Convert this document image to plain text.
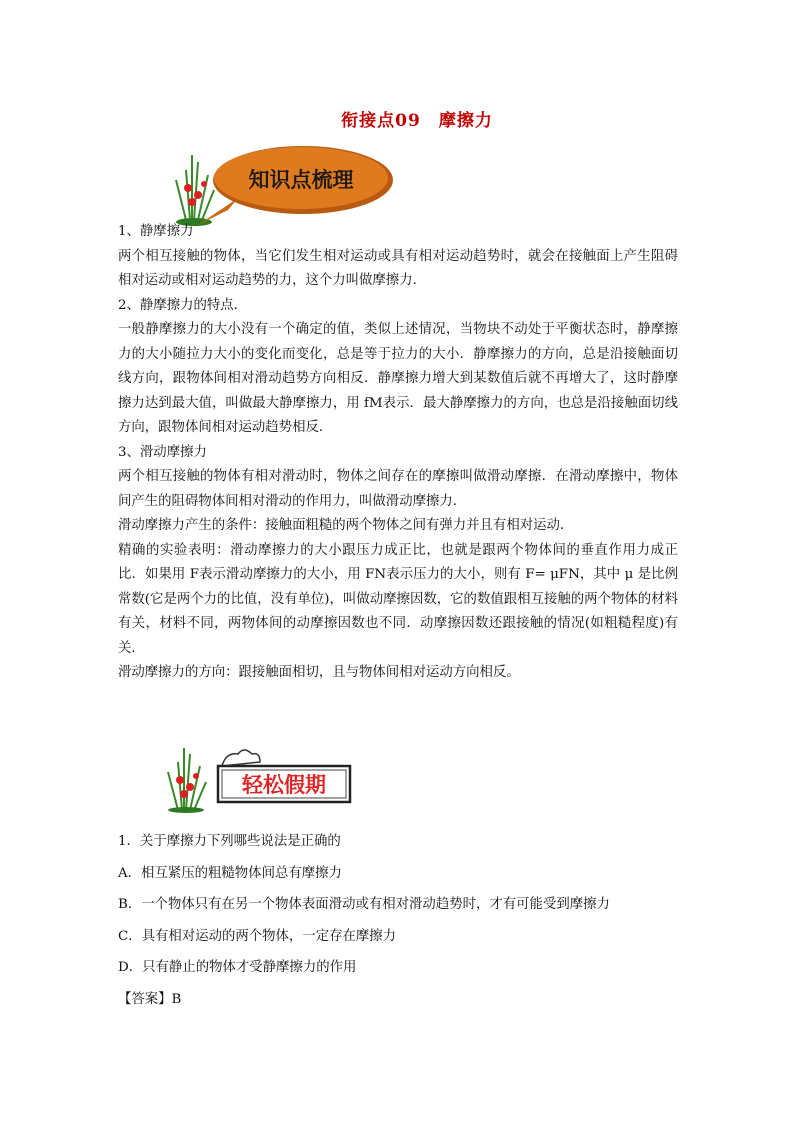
衔接点09　摩擦力
知识点梳理

1、静摩擦力

两个相互接触的物体，当它们发生相对运动或具有相对运动趋势时，就会在接触面上产生阻碍相对运动或相对运动趋势的力，这个力叫做摩擦力．

2、静摩擦力的特点．

一般静摩擦力的大小没有一个确定的值，类似上述情况，当物块不动处于平衡状态时，静摩擦力的大小随拉力大小的变化而变化，总是等于拉力的大小．静摩擦力的方向，总是沿接触面切线方向，跟物体间相对滑动趋势方向相反．静摩擦力增大到某数值后就不再增大了，这时静摩擦力达到最大值，叫做最大静摩擦力，用 fM表示．最大静摩擦力的方向，也总是沿接触面切线方向，跟物体间相对运动趋势相反．

3、滑动摩擦力

两个相互接触的物体有相对滑动时，物体之间存在的摩擦叫做滑动摩擦．在滑动摩擦中，物体间产生的阻碍物体间相对滑动的作用力，叫做滑动摩擦力．

滑动摩擦力产生的条件：接触面粗糙的两个物体之间有弹力并且有相对运动．

精确的实验表明：滑动摩擦力的大小跟压力成正比，也就是跟两个物体间的垂直作用力成正比．如果用 F表示滑动摩擦力的大小，用 FN表示压力的大小，则有 F= μFN，其中 μ 是比例常数(它是两个力的比值，没有单位)，叫做动摩擦因数，它的数值跟相互接触的两个物体的材料有关，材料不同，两物体间的动摩擦因数也不同．动摩擦因数还跟接触的情况(如粗糙程度)有关．

滑动摩擦力的方向：跟接触面相切，且与物体间相对运动方向相反。

轻松假期

1．关于摩擦力下列哪些说法是正确的

A．相互紧压的粗糙物体间总有摩擦力

B．一个物体只有在另一个物体表面滑动或有相对滑动趋势时，才有可能受到摩擦力

C．具有相对运动的两个物体，一定存在摩擦力

D．只有静止的物体才受静摩擦力的作用

【答案】B
